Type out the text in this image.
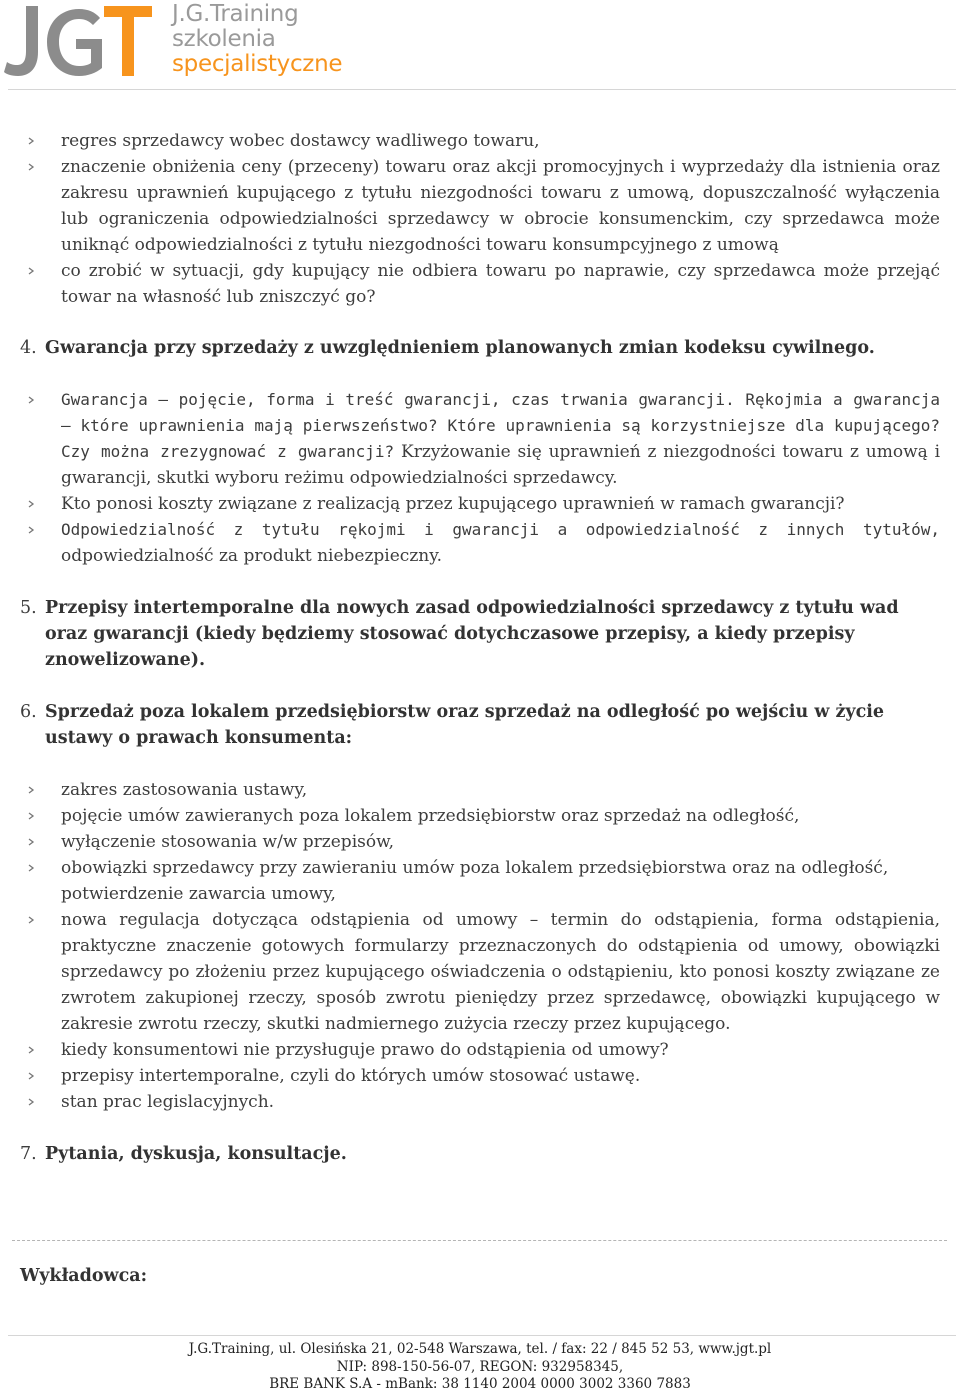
J.G.Training
szkolenia
specjalistyczne
regres sprzedawcy wobec dostawcy wadliwego towaru,
znaczenie obniżenia ceny (przeceny) towaru oraz akcji promocyjnych i wyprzedaży dla istnienia oraz zakresu uprawnień kupującego z tytułu niezgodności towaru z umową, dopuszczalność wyłączenia lub ograniczenia odpowiedzialności sprzedawcy w obrocie konsumenckim, czy sprzedawca może uniknąć odpowiedzialności z tytułu niezgodności towaru konsumpcyjnego z umową
co zrobić w sytuacji, gdy kupujący nie odbiera towaru po naprawie, czy sprzedawca może przejąć towar na własność lub zniszczyć go?
4. Gwarancja przy sprzedaży z uwzględnieniem planowanych zmian kodeksu cywilnego.
Gwarancja – pojęcie, forma i treść gwarancji, czas trwania gwarancji. Rękojmia a gwarancja – które uprawnienia mają pierwszeństwo? Które uprawnienia są korzystniejsze dla kupującego? Czy można zrezygnować z gwarancji? Krzyżowanie się uprawnień z niezgodności towaru z umową i gwarancji, skutki wyboru reżimu odpowiedzialności sprzedawcy.
Kto ponosi koszty związane z realizacją przez kupującego uprawnień w ramach gwarancji?
Odpowiedzialność z tytułu rękojmi i gwarancji a odpowiedzialność z innych tytułów, odpowiedzialność za produkt niebezpieczny.
5. Przepisy intertemporalne dla nowych zasad odpowiedzialności sprzedawcy z tytułu wad oraz gwarancji (kiedy będziemy stosować dotychczasowe przepisy, a kiedy przepisy znowelizowane).
6. Sprzedaż poza lokalem przedsiębiorstw oraz sprzedaż na odległość po wejściu w życie ustawy o prawach konsumenta:
zakres zastosowania ustawy,
pojęcie umów zawieranych poza lokalem przedsiębiorstw oraz sprzedaż na odległość,
wyłączenie stosowania w/w przepisów,
obowiązki sprzedawcy przy zawieraniu umów poza lokalem przedsiębiorstwa oraz na odległość, potwierdzenie zawarcia umowy,
nowa regulacja dotycząca odstąpienia od umowy – termin do odstąpienia, forma odstąpienia, praktyczne znaczenie gotowych formularzy przeznaczonych do odstąpienia od umowy, obowiązki sprzedawcy po złożeniu przez kupującego oświadczenia o odstąpieniu, kto ponosi koszty związane ze zwrotem zakupionej rzeczy, sposób zwrotu pieniędzy przez sprzedawcę, obowiązki kupującego w zakresie zwrotu rzeczy, skutki nadmiernego zużycia rzeczy przez kupującego.
kiedy konsumentowi nie przysługuje prawo do odstąpienia od umowy?
przepisy intertemporalne, czyli do których umów stosować ustawę.
stan prac legislacyjnych.
7. Pytania, dyskusja, konsultacje.
Wykładowca:
J.G.Training, ul. Olesińska 21, 02-548 Warszawa, tel. / fax: 22 / 845 52 53, www.jgt.pl
NIP: 898-150-56-07, REGON: 932958345,
BRE BANK S.A - mBank: 38 1140 2004 0000 3002 3360 7883
